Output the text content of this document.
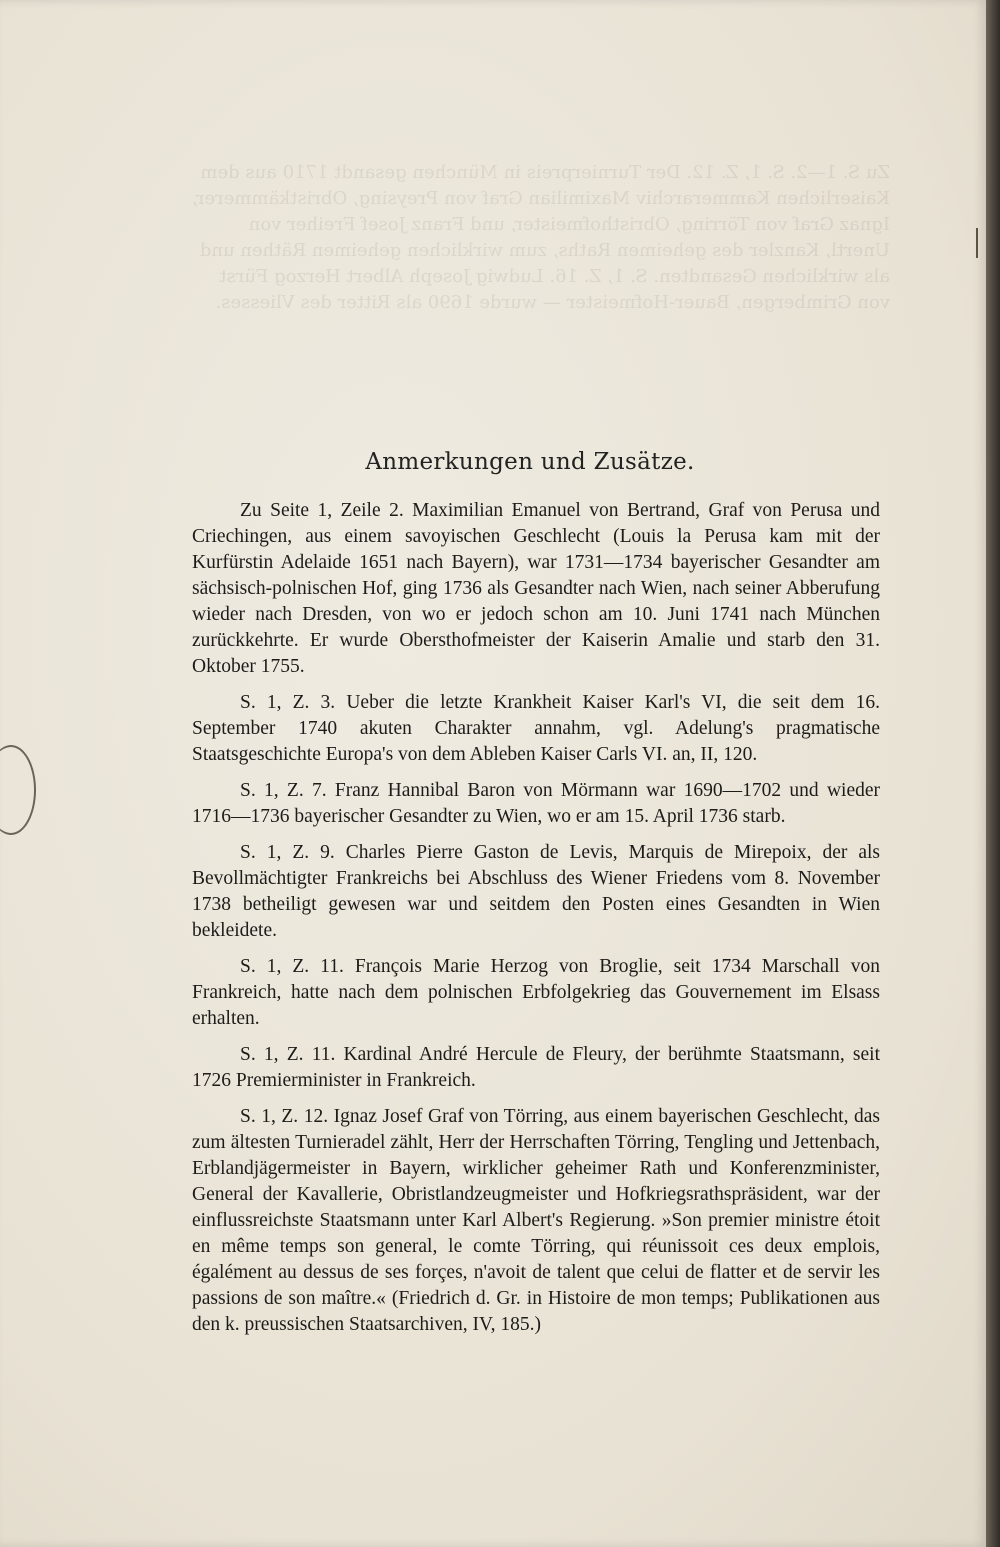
Zu S. 1—2. S. 1, Z. 12. Der Turnierpreis in München gesandt 1710 aus dem Kaiserlichen Kammerarchiv Maximilian Graf von Preysing, Obristkämmerer, Ignaz Graf von Törring, Obristhofmeister, und Franz Josef Freiher von Unertl, Kanzler des geheimen Raths, zum wirklichen geheimen Räthen und als wirklichen Gesandten. S. 1, Z. 16. Ludwig Joseph Albert Herzog Fürst von Grimbergen, Bauer-Hofmeister — wurde 1690 als Ritter des Vliesses.
Anmerkungen und Zusätze.

Zu Seite 1, Zeile 2. Maximilian Emanuel von Bertrand, Graf von Perusa und Criechingen, aus einem savoyischen Geschlecht (Louis la Perusa kam mit der Kurfürstin Adelaide 1651 nach Bayern), war 1731—1734 bayerischer Gesandter am sächsisch-polnischen Hof, ging 1736 als Gesandter nach Wien, nach seiner Abberufung wieder nach Dresden, von wo er jedoch schon am 10. Juni 1741 nach München zurückkehrte. Er wurde Obersthofmeister der Kaiserin Amalie und starb den 31. Oktober 1755.

S. 1, Z. 3. Ueber die letzte Krankheit Kaiser Karl's VI, die seit dem 16. September 1740 akuten Charakter annahm, vgl. Adelung's pragmatische Staatsgeschichte Europa's von dem Ableben Kaiser Carls VI. an, II, 120.

S. 1, Z. 7. Franz Hannibal Baron von Mörmann war 1690—1702 und wieder 1716—1736 bayerischer Gesandter zu Wien, wo er am 15. April 1736 starb.

S. 1, Z. 9. Charles Pierre Gaston de Levis, Marquis de Mirepoix, der als Bevollmächtigter Frankreichs bei Abschluss des Wiener Friedens vom 8. November 1738 betheiligt gewesen war und seitdem den Posten eines Gesandten in Wien bekleidete.

S. 1, Z. 11. François Marie Herzog von Broglie, seit 1734 Marschall von Frankreich, hatte nach dem polnischen Erbfolgekrieg das Gouvernement im Elsass erhalten.

S. 1, Z. 11. Kardinal André Hercule de Fleury, der berühmte Staatsmann, seit 1726 Premierminister in Frankreich.

S. 1, Z. 12. Ignaz Josef Graf von Törring, aus einem bayerischen Geschlecht, das zum ältesten Turnieradel zählt, Herr der Herrschaften Törring, Tengling und Jettenbach, Erblandjägermeister in Bayern, wirklicher geheimer Rath und Konferenzminister, General der Kavallerie, Obristlandzeugmeister und Hofkriegsrathspräsident, war der einflussreichste Staatsmann unter Karl Albert's Regierung. »Son premier ministre étoit en même temps son general, le comte Törring, qui réunissoit ces deux emplois, égalément au dessus de ses forçes, n'avoit de talent que celui de flatter et de servir les passions de son maître.« (Friedrich d. Gr. in Histoire de mon temps; Publikationen aus den k. preussischen Staatsarchiven, IV, 185.)
